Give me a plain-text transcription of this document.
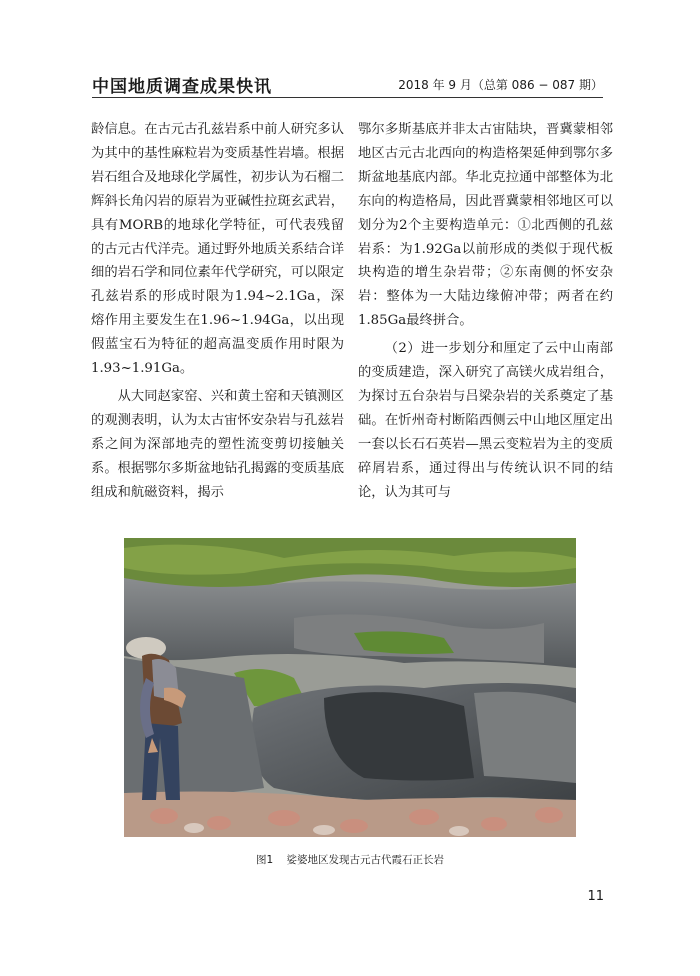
中国地质调查成果快讯	2018 年 9 月（总第 086 − 087 期）

龄信息。在古元古孔兹岩系中前人研究多认为其中的基性麻粒岩为变质基性岩墙。根据岩石组合及地球化学属性，初步认为石榴二辉斜长角闪岩的原岩为亚碱性拉斑玄武岩，具有MORB的地球化学特征，可代表残留的古元古代洋壳。通过野外地质关系结合详细的岩石学和同位素年代学研究，可以限定孔兹岩系的形成时限为1.94~2.1Ga，深熔作用主要发生在1.96~1.94Ga，以出现假蓝宝石为特征的超高温变质作用时限为1.93~1.91Ga。

从大同赵家窑、兴和黄土窑和天镇测区的观测表明，认为太古宙怀安杂岩与孔兹岩系之间为深部地壳的塑性流变剪切接触关系。根据鄂尔多斯盆地钻孔揭露的变质基底组成和航磁资料，揭示

鄂尔多斯基底并非太古宙陆块，晋冀蒙相邻地区古元古北西向的构造格架延伸到鄂尔多斯盆地基底内部。华北克拉通中部整体为北东向的构造格局，因此晋冀蒙相邻地区可以划分为2个主要构造单元：①北西侧的孔兹岩系：为1.92Ga以前形成的类似于现代板块构造的增生杂岩带；②东南侧的怀安杂岩：整体为一大陆边缘俯冲带；两者在约1.85Ga最终拼合。

（2）进一步划分和厘定了云中山南部的变质建造，深入研究了高镁火成岩组合，为探讨五台杂岩与吕梁杂岩的关系奠定了基础。在忻州奇村断陷西侧云中山地区厘定出一套以长石石英岩—黑云变粒岩为主的变质碎屑岩系，通过得出与传统认识不同的结论，认为其可与

图1 娑婆地区发现古元古代霞石正长岩
11
